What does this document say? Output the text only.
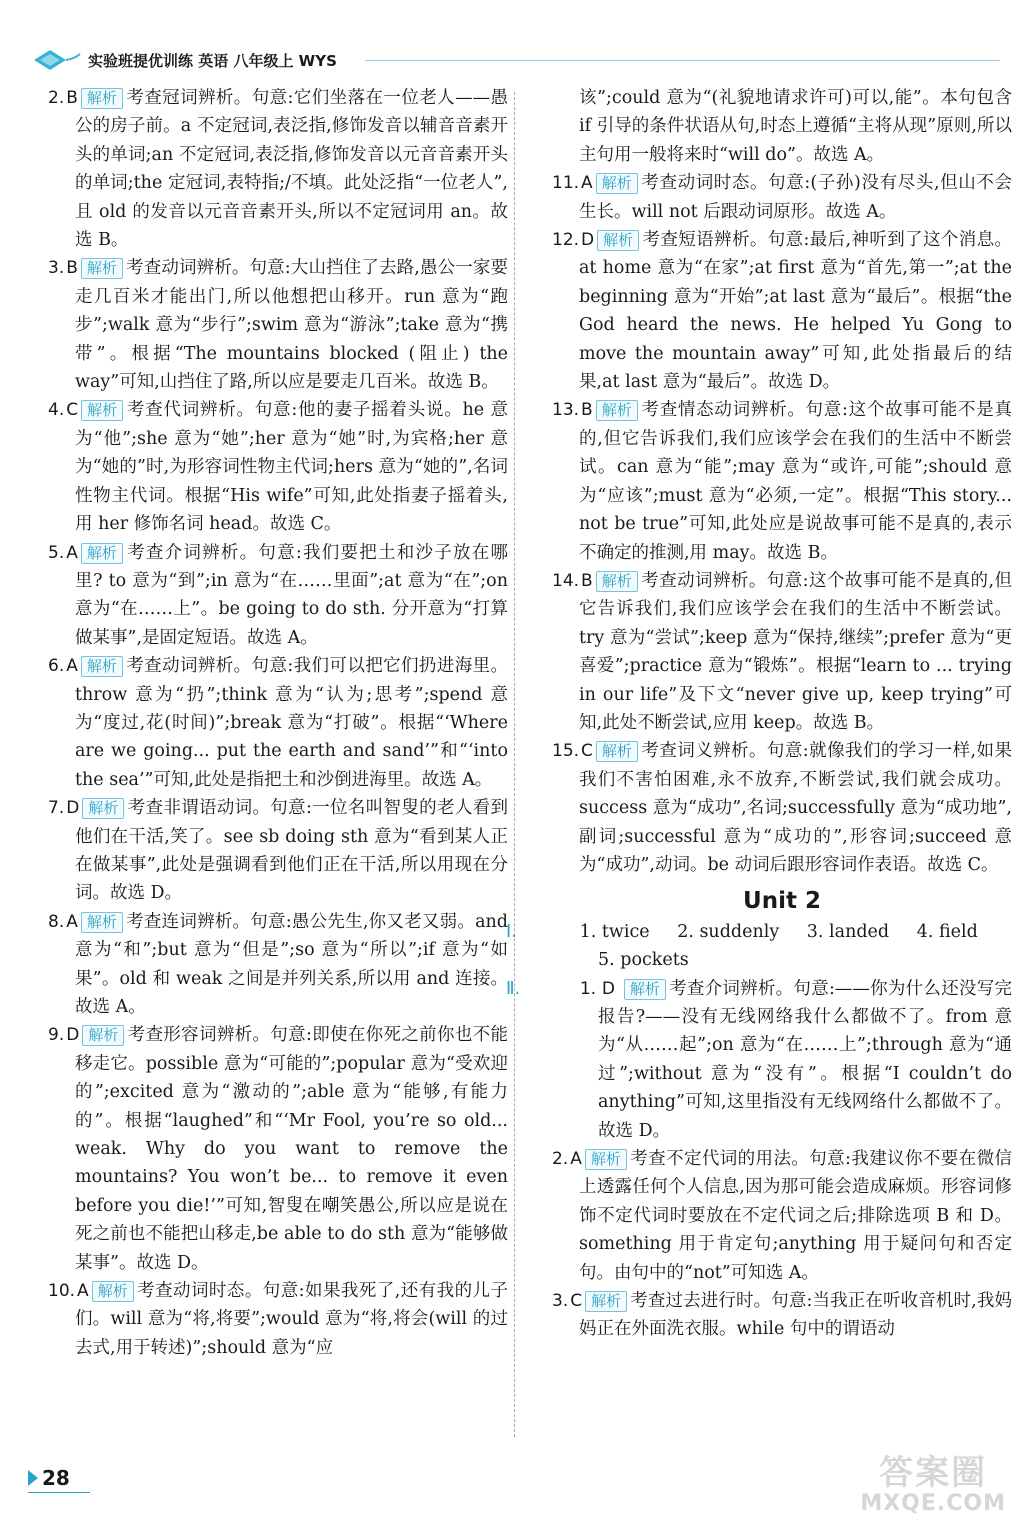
实验班提优训练 英语 八年级上 WYS

2. B 解析 考查冠词辨析。句意:它们坐落在一位老人——愚公的房子前。a 不定冠词,表泛指,修饰发音以辅音音素开头的单词;an 不定冠词,表泛指,修饰发音以元音音素开头的单词;the 定冠词,表特指;/不填。此处泛指“一位老人”,且 old 的发音以元音音素开头,所以不定冠词用 an。故选 B。

3. B 解析 考查动词辨析。句意:大山挡住了去路,愚公一家要走几百米才能出门,所以他想把山移开。run 意为“跑步”;walk 意为“步行”;swim 意为“游泳”;take 意为“携带”。根据“The mountains blocked (阻止) the way”可知,山挡住了路,所以应是要走几百米。故选 B。

4. C 解析 考查代词辨析。句意:他的妻子摇着头说。he 意为“他”;she 意为“她”;her 意为“她”时,为宾格;her 意为“她的”时,为形容词性物主代词;hers 意为“她的”,名词性物主代词。根据“His wife”可知,此处指妻子摇着头,用 her 修饰名词 head。故选 C。

5. A 解析 考查介词辨析。句意:我们要把土和沙子放在哪里? to 意为“到”;in 意为“在……里面”;at 意为“在”;on 意为“在……上”。be going to do sth. 分开意为“打算做某事”,是固定短语。故选 A。

6. A 解析 考查动词辨析。句意:我们可以把它们扔进海里。throw 意为“扔”;think 意为“认为;思考”;spend 意为“度过,花(时间)”;break 意为“打破”。根据“‘Where are we going... put the earth and sand’”和“‘into the sea’”可知,此处是指把土和沙倒进海里。故选 A。

7. D 解析 考查非谓语动词。句意:一位名叫智叟的老人看到他们在干活,笑了。see sb doing sth 意为“看到某人正在做某事”,此处是强调看到他们正在干活,所以用现在分词。故选 D。

8. A 解析 考查连词辨析。句意:愚公先生,你又老又弱。and 意为“和”;but 意为“但是”;so 意为“所以”;if 意为“如果”。old 和 weak 之间是并列关系,所以用 and 连接。故选 A。

9. D 解析 考查形容词辨析。句意:即使在你死之前你也不能移走它。possible 意为“可能的”;popular 意为“受欢迎的”;excited 意为“激动的”;able 意为“能够,有能力的”。根据“laughed”和“‘Mr Fool, you’re so old... weak. Why do you want to remove the mountains? You won’t be... to remove it even before you die!’”可知,智叟在嘲笑愚公,所以应是说在死之前也不能把山移走,be able to do sth 意为“能够做某事”。故选 D。

10. A 解析 考查动词时态。句意:如果我死了,还有我的儿子们。will 意为“将,将要”;would 意为“将,将会(will 的过去式,用于转述)”;should 意为“应

该”;could 意为“(礼貌地请求许可)可以,能”。本句包含 if 引导的条件状语从句,时态上遵循“主将从现”原则,所以主句用一般将来时“will do”。故选 A。

11. A 解析 考查动词时态。句意:(子孙)没有尽头,但山不会生长。will not 后跟动词原形。故选 A。

12. D 解析 考查短语辨析。句意:最后,神听到了这个消息。at home 意为“在家”;at first 意为“首先,第一”;at the beginning 意为“开始”;at last 意为“最后”。根据“the God heard the news. He helped Yu Gong to move the mountain away”可知,此处指最后的结果,at last 意为“最后”。故选 D。

13. B 解析 考查情态动词辨析。句意:这个故事可能不是真的,但它告诉我们,我们应该学会在我们的生活中不断尝试。can 意为“能”;may 意为“或许,可能”;should 意为“应该”;must 意为“必须,一定”。根据“This story... not be true”可知,此处应是说故事可能不是真的,表示不确定的推测,用 may。故选 B。

14. B 解析 考查动词辨析。句意:这个故事可能不是真的,但它告诉我们,我们应该学会在我们的生活中不断尝试。try 意为“尝试”;keep 意为“保持,继续”;prefer 意为“更喜爱”;practice 意为“锻炼”。根据“learn to ... trying in our life”及下文“never give up, keep trying”可知,此处不断尝试,应用 keep。故选 B。

15. C 解析 考查词义辨析。句意:就像我们的学习一样,如果我们不害怕困难,永不放弃,不断尝试,我们就会成功。success 意为“成功”,名词;successfully 意为“成功地”,副词;successful 意为“成功的”,形容词;succeed 意为“成功”,动词。be 动词后跟形容词作表语。故选 C。

Unit 2

Ⅰ.	1. twice 2. suddenly 3. landed 4. field
5. pockets

Ⅱ.	1. D 解析 考查介词辨析。句意:——你为什么还没写完报告?——没有无线网络我什么都做不了。from 意为“从……起”;on 意为“在……上”;through 意为“通过”;without 意为“没有”。根据“I couldn’t do anything”可知,这里指没有无线网络什么都做不了。故选 D。

2. A 解析 考查不定代词的用法。句意:我建议你不要在微信上透露任何个人信息,因为那可能会造成麻烦。形容词修饰不定代词时要放在不定代词之后;排除选项 B 和 D。something 用于肯定句;anything 用于疑问句和否定句。由句中的“not”可知选 A。

3. C 解析 考查过去进行时。句意:当我正在听收音机时,我妈妈正在外面洗衣服。while 句中的谓语动

28	答案圈
MXQE.COM
